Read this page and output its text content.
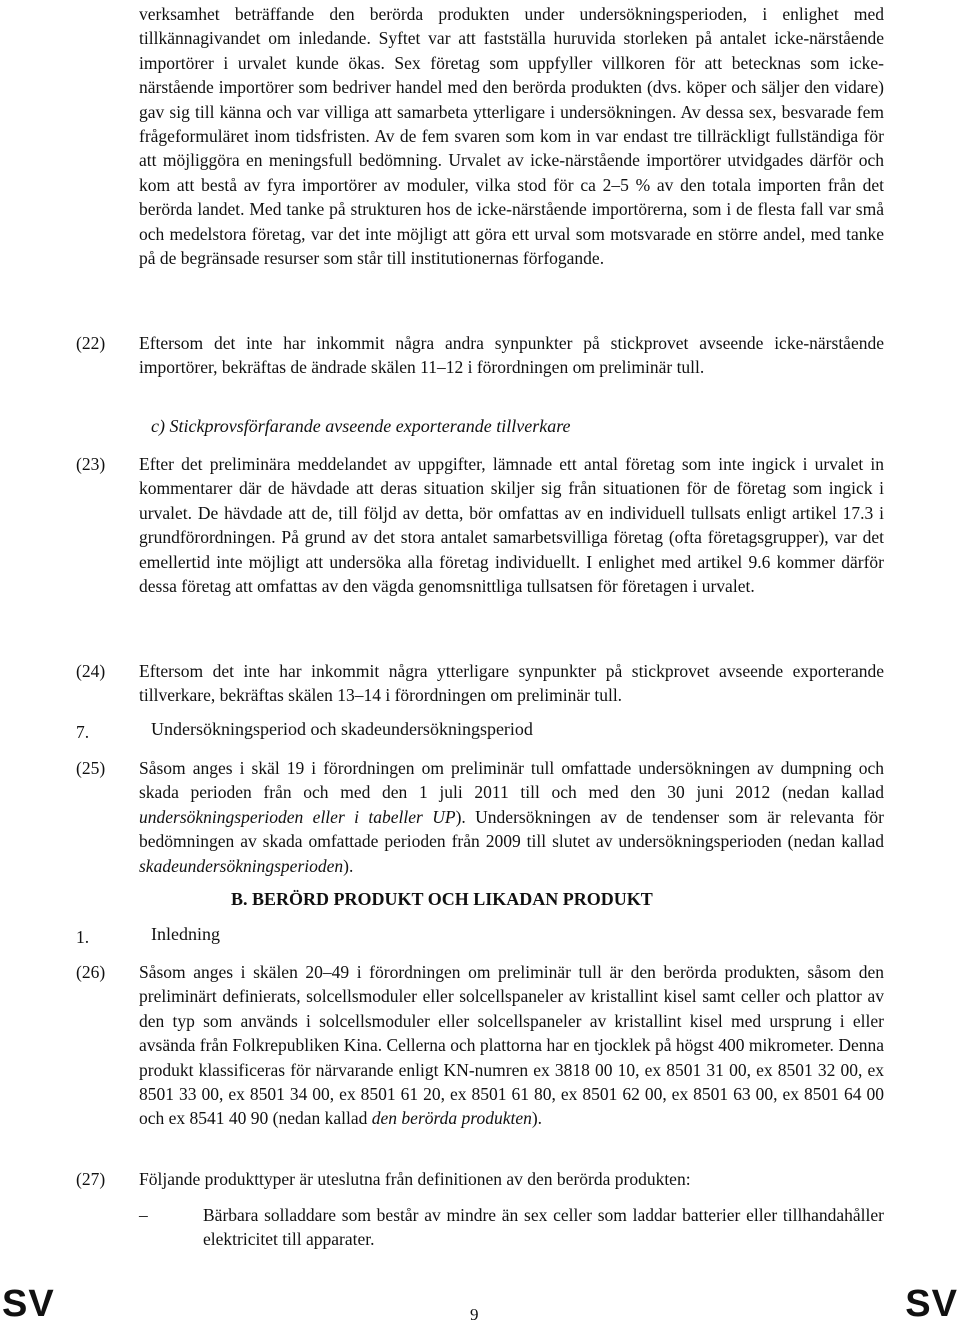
verksamhet beträffande den berörda produkten under undersökningsperioden, i enlighet med tillkännagivandet om inledande. Syftet var att fastställa huruvida storleken på antalet icke-närstående importörer i urvalet kunde ökas. Sex företag som uppfyller villkoren för att betecknas som icke-närstående importörer som bedriver handel med den berörda produkten (dvs. köper och säljer den vidare) gav sig till känna och var villiga att samarbeta ytterligare i undersökningen. Av dessa sex, besvarade fem frågeformuläret inom tidsfristen. Av de fem svaren som kom in var endast tre tillräckligt fullständiga för att möjliggöra en meningsfull bedömning. Urvalet av icke-närstående importörer utvidgades därför och kom att bestå av fyra importörer av moduler, vilka stod för ca 2–5 % av den totala importen från det berörda landet. Med tanke på strukturen hos de icke-närstående importörerna, som i de flesta fall var små och medelstora företag, var det inte möjligt att göra ett urval som motsvarade en större andel, med tanke på de begränsade resurser som står till institutionernas förfogande.
(22) Eftersom det inte har inkommit några andra synpunkter på stickprovet avseende icke-närstående importörer, bekräftas de ändrade skälen 11–12 i förordningen om preliminär tull.
c) Stickprovsförfarande avseende exporterande tillverkare
(23) Efter det preliminära meddelandet av uppgifter, lämnade ett antal företag som inte ingick i urvalet in kommentarer där de hävdade att deras situation skiljer sig från situationen för de företag som ingick i urvalet. De hävdade att de, till följd av detta, bör omfattas av en individuell tullsats enligt artikel 17.3 i grundförordningen. På grund av det stora antalet samarbetsvilliga företag (ofta företagsgrupper), var det emellertid inte möjligt att undersöka alla företag individuellt. I enlighet med artikel 9.6 kommer därför dessa företag att omfattas av den vägda genomsnittliga tullsatsen för företagen i urvalet.
(24) Eftersom det inte har inkommit några ytterligare synpunkter på stickprovet avseende exporterande tillverkare, bekräftas skälen 13–14 i förordningen om preliminär tull.
7.	Undersökningsperiod och skadeundersökningsperiod
(25) Såsom anges i skäl 19 i förordningen om preliminär tull omfattade undersökningen av dumpning och skada perioden från och med den 1 juli 2011 till och med den 30 juni 2012 (nedan kallad undersökningsperioden eller i tabeller UP). Undersökningen av de tendenser som är relevanta för bedömningen av skada omfattade perioden från 2009 till slutet av undersökningsperioden (nedan kallad skadeundersökningsperioden).
B. BERÖRD PRODUKT OCH LIKADAN PRODUKT
1.	Inledning
(26) Såsom anges i skälen 20–49 i förordningen om preliminär tull är den berörda produkten, såsom den preliminärt definierats, solcellsmoduler eller solcellspaneler av kristallint kisel samt celler och plattor av den typ som används i solcellsmoduler eller solcellspaneler av kristallint kisel med ursprung i eller avsända från Folkrepubliken Kina. Cellerna och plattorna har en tjocklek på högst 400 mikrometer. Denna produkt klassificeras för närvarande enligt KN-numren ex 3818 00 10, ex 8501 31 00, ex 8501 32 00, ex 8501 33 00, ex 8501 34 00, ex 8501 61 20, ex 8501 61 80, ex 8501 62 00, ex 8501 63 00, ex 8501 64 00 och ex 8541 40 90 (nedan kallad den berörda produkten).
(27) Följande produkttyper är uteslutna från definitionen av den berörda produkten:
–	Bärbara solladdare som består av mindre än sex celler som laddar batterier eller tillhandahåller elektricitet till apparater.
SV	9	SV
